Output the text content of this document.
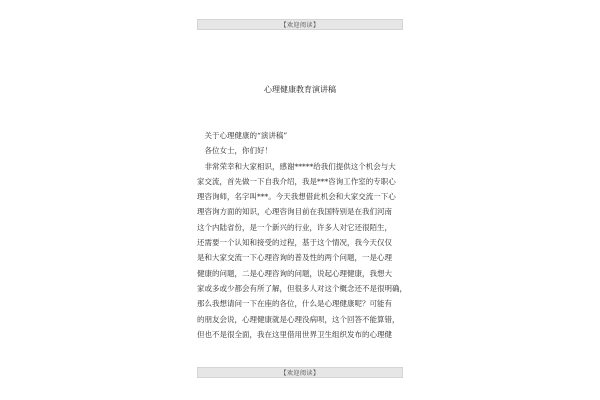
【欢迎阅读】
心理健康教育演讲稿
　关于心理健康的“演讲稿”
　各位女士，你们好！
　非常荣幸和大家相识，感谢*****给我们提供这个机会与大
家交流，首先做一下自我介绍，我是***咨询工作室的专职心
理咨询师，名字叫***。今天我想借此机会和大家交流一下心
理咨询方面的知识，心理咨询目前在我国特别是在我们河南
这个内陆省份，是一个新兴的行业，许多人对它还很陌生，
还需要一个认知和接受的过程，基于这个情况，我今天仅仅
是和大家交流一下心理咨询的普及性的两个问题，一是心理
健康的问题，二是心理咨询的问题，说起心理健康，我想大
家或多或少都会有所了解，但很多人对这个概念还不是很明确，
那么我想请问一下在座的各位，什么是心理健康呢？可能有
的朋友会说，心理健康就是心理没病呗，这个回答不能算错，
但也不是很全面，我在这里借用世界卫生组织发布的心理健
【欢迎阅读】
